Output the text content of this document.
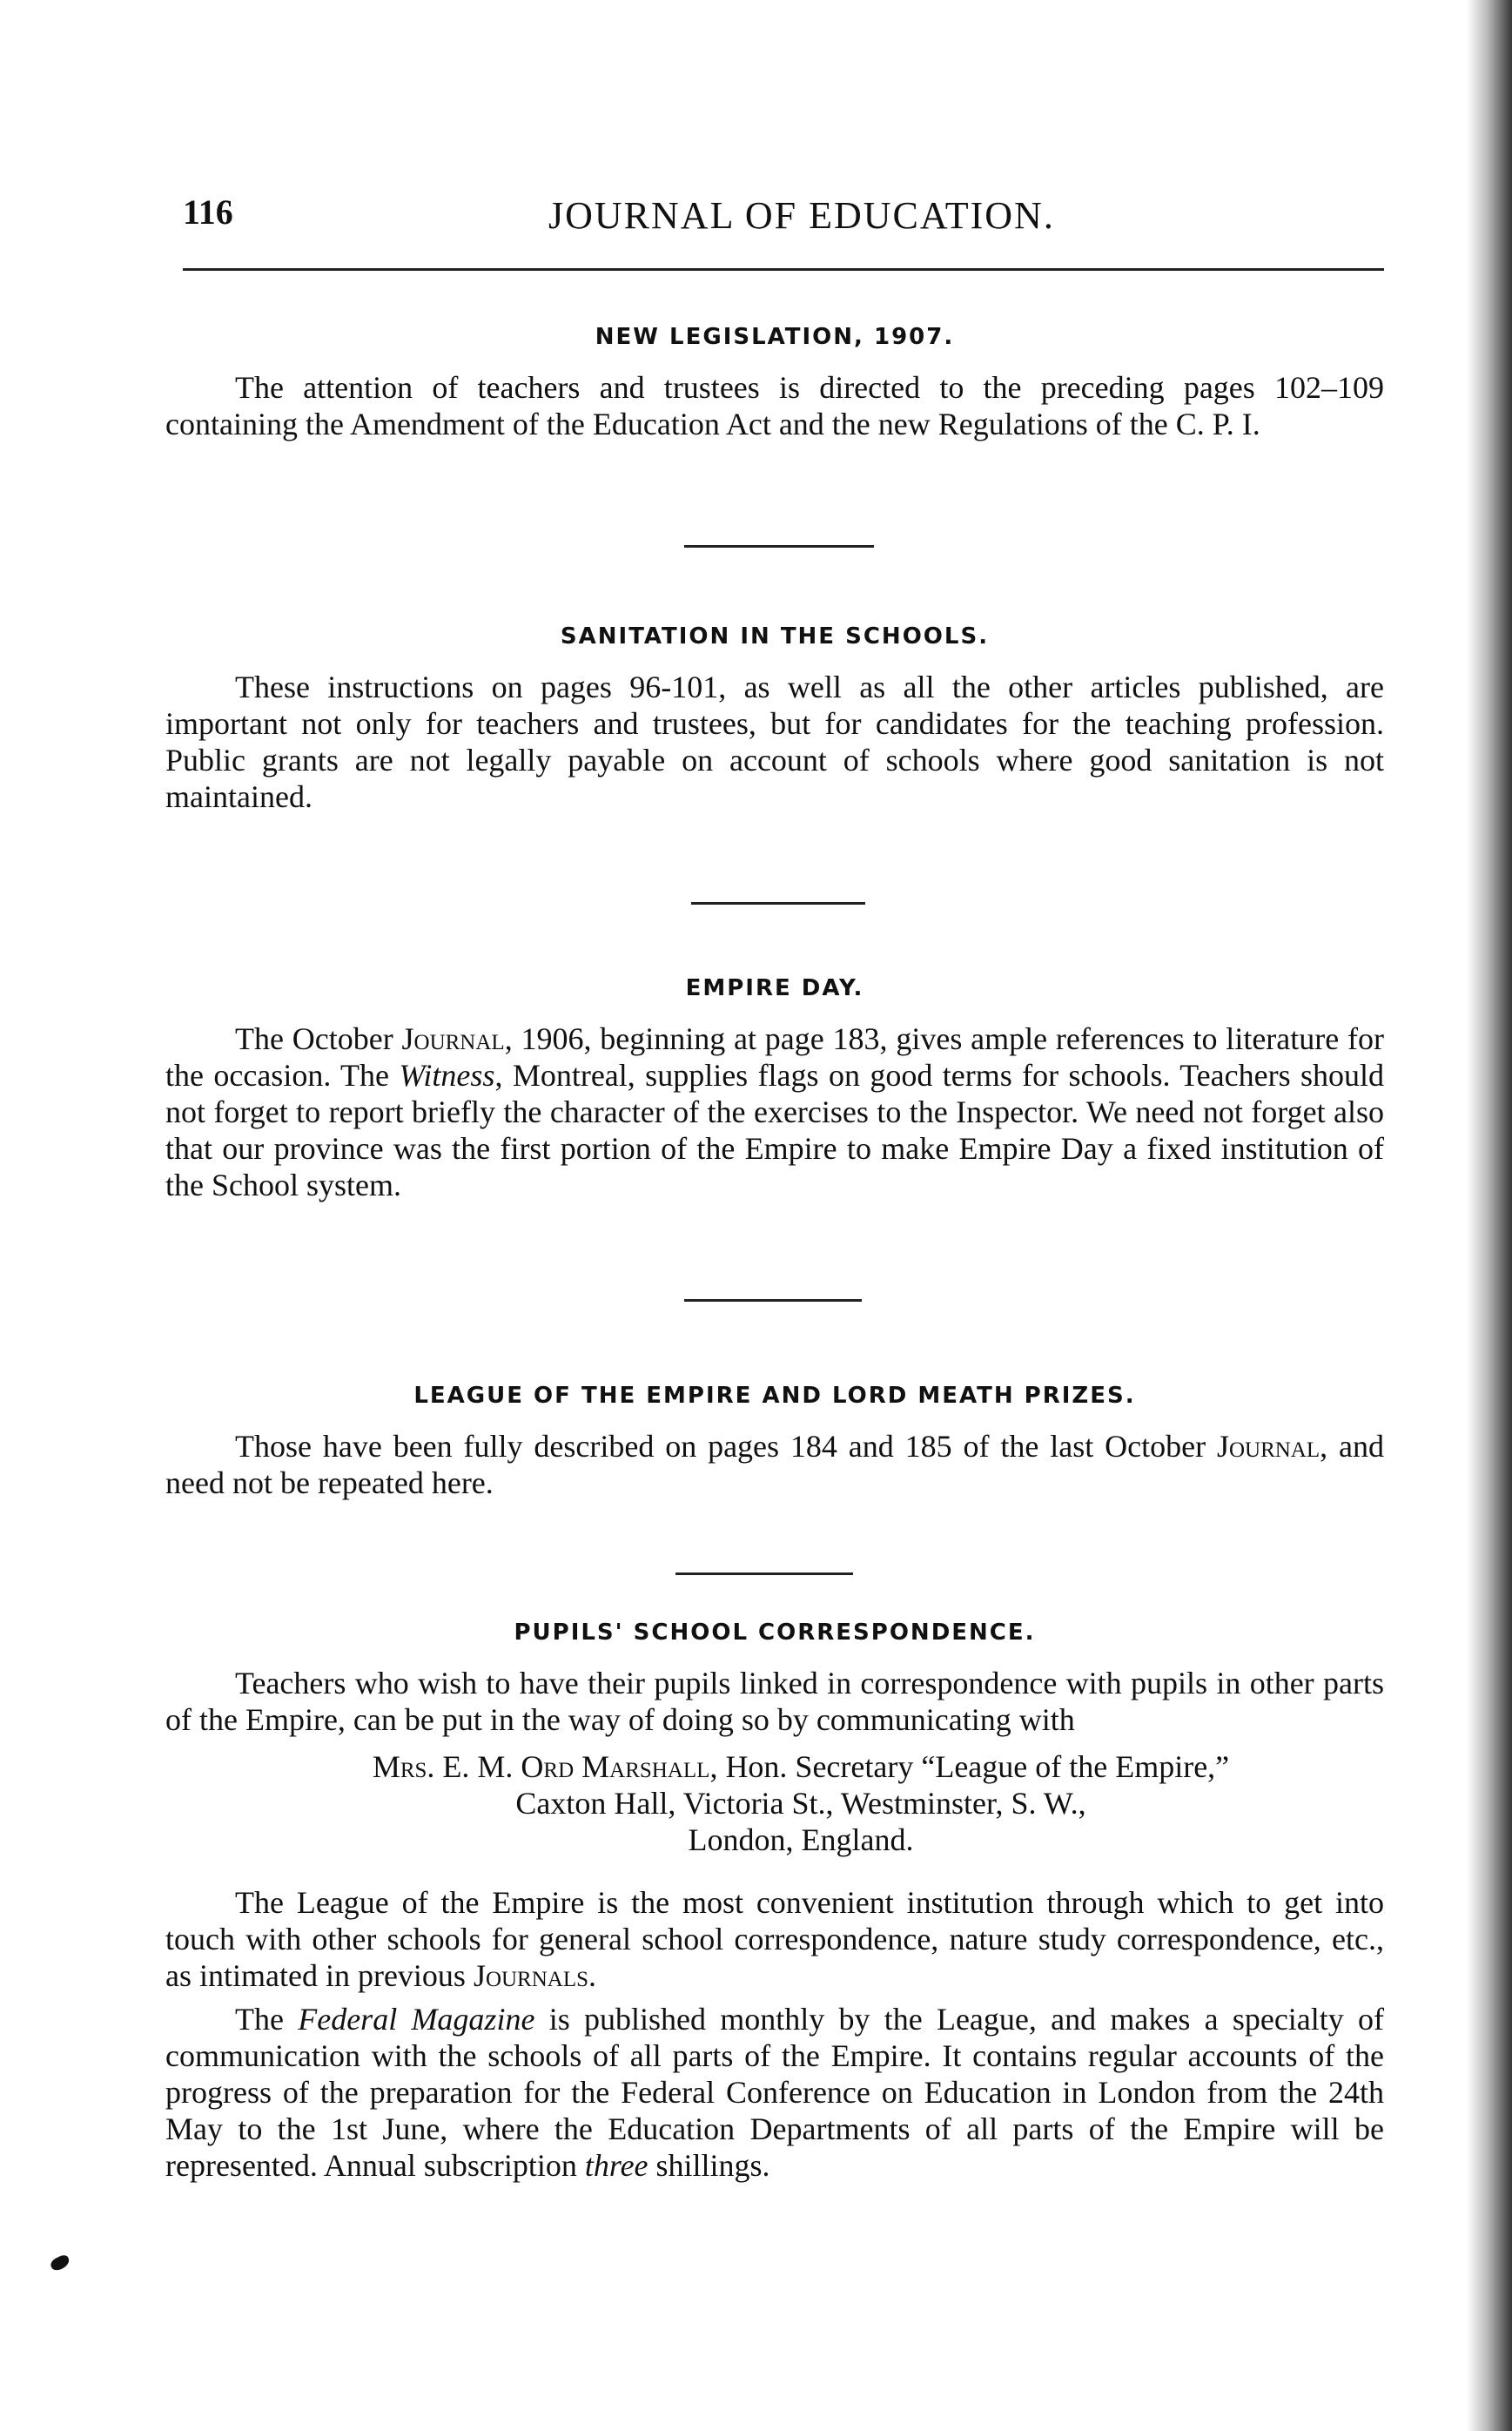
116	JOURNAL OF EDUCATION.
NEW LEGISLATION, 1907.

The attention of teachers and trustees is directed to the preceding pages 102–109 containing the Amendment of the Education Act and the new Regulations of the C. P. I.

SANITATION IN THE SCHOOLS.

These instructions on pages 96-101, as well as all the other articles published, are important not only for teachers and trustees, but for candidates for the teaching profession. Public grants are not legally payable on account of schools where good sanitation is not maintained.

EMPIRE DAY.

The October Journal, 1906, beginning at page 183, gives ample references to literature for the occasion. The Witness, Montreal, supplies flags on good terms for schools. Teachers should not forget to report briefly the character of the exercises to the Inspector. We need not forget also that our province was the first portion of the Empire to make Empire Day a fixed institution of the School system.

LEAGUE OF THE EMPIRE AND LORD MEATH PRIZES.

Those have been fully described on pages 184 and 185 of the last October Journal, and need not be repeated here.

PUPILS' SCHOOL CORRESPONDENCE.

Teachers who wish to have their pupils linked in correspondence with pupils in other parts of the Empire, can be put in the way of doing so by communicating with

Mrs. E. M. Ord Marshall, Hon. Secretary “League of the Empire,”
Caxton Hall, Victoria St., Westminster, S. W.,
London, England.

The League of the Empire is the most convenient institution through which to get into touch with other schools for general school correspondence, nature study correspondence, etc., as intimated in previous Journals.

The Federal Magazine is published monthly by the League, and makes a specialty of communication with the schools of all parts of the Empire. It contains regular accounts of the progress of the preparation for the Federal Conference on Education in London from the 24th May to the 1st June, where the Education Departments of all parts of the Empire will be represented. Annual subscription three shillings.
